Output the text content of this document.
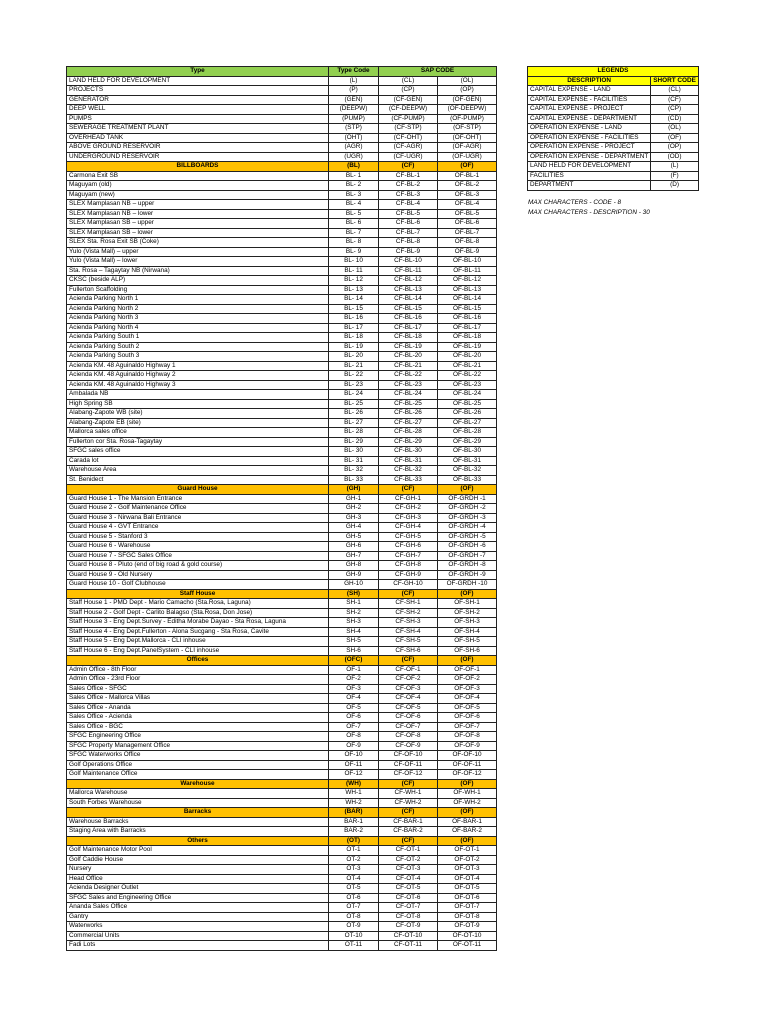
Type	Type Code	SAP CODE	
LAND HELD FOR DEVELOPMENT	(L)	(CL)	(OL)
PROJECTS	(P)	(CP)	(OP)
GENERATOR	(GEN)	(CF-GEN)	(OF-GEN)
DEEP WELL	(DEEPW)	(CF-DEEPW)	(OF-DEEPW)
PUMPS	(PUMP)	(CF-PUMP)	(OF-PUMP)
SEWERAGE TREATMENT PLANT	(STP)	(CF-STP)	(OF-STP)
OVERHEAD TANK	(OHT)	(CF-OHT)	(OF-OHT)
ABOVE GROUND RESERVOIR	(AGR)	(CF-AGR)	(OF-AGR)
UNDERGROUND RESERVOIR	(UGR)	(CF-UGR)	(OF-UGR)
BILLBOARDS	(BL)	(CF)	(OF)
Carmona Exit SB	BL- 1	CF-BL-1	OF-BL-1
Maguyam (old)	BL- 2	CF-BL-2	OF-BL-2
Maguyam (new)	BL- 3	CF-BL-3	OF-BL-3
SLEX Mamplasan NB – upper	BL- 4	CF-BL-4	OF-BL-4
SLEX Mamplasan NB – lower	BL- 5	CF-BL-5	OF-BL-5
SLEX Mamplasan SB – upper	BL- 6	CF-BL-6	OF-BL-6
SLEX Mamplasan SB – lower	BL- 7	CF-BL-7	OF-BL-7
SLEX Sta. Rosa Exit SB (Coke)	BL- 8	CF-BL-8	OF-BL-8
Yulo (Vista Mall) – upper	BL- 9	CF-BL-9	OF-BL-9
Yulo (Vista Mall) – lower	BL- 10	CF-BL-10	OF-BL-10
Sta. Rosa – Tagaytay NB (Nirwana)	BL- 11	CF-BL-11	OF-BL-11
CKSC (beside ALP)	BL- 12	CF-BL-12	OF-BL-12
Fullerton Scaffolding	BL- 13	CF-BL-13	OF-BL-13
Acienda Parking North 1	BL- 14	CF-BL-14	OF-BL-14
Acienda Parking North 2	BL- 15	CF-BL-15	OF-BL-15
Acienda Parking North 3	BL- 16	CF-BL-16	OF-BL-16
Acienda Parking North 4	BL- 17	CF-BL-17	OF-BL-17
Acienda Parking South 1	BL- 18	CF-BL-18	OF-BL-18
Acienda Parking South 2	BL- 19	CF-BL-19	OF-BL-19
Acienda Parking South 3	BL- 20	CF-BL-20	OF-BL-20
Acienda KM. 48 Aguinaldo Highway 1	BL- 21	CF-BL-21	OF-BL-21
Acienda KM. 48 Aguinaldo Highway 2	BL- 22	CF-BL-22	OF-BL-22
Acienda KM. 48 Aguinaldo Highway 3	BL- 23	CF-BL-23	OF-BL-23
Ambalada NB	BL- 24	CF-BL-24	OF-BL-24
High Spring SB	BL- 25	CF-BL-25	OF-BL-25
Alabang-Zapote WB (site)	BL- 26	CF-BL-26	OF-BL-26
Alabang-Zapote EB (site)	BL- 27	CF-BL-27	OF-BL-27
Mallorca sales office	BL- 28	CF-BL-28	OF-BL-28
Fullerton cor Sta. Rosa-Tagaytay	BL- 29	CF-BL-29	OF-BL-29
SFGC sales office	BL- 30	CF-BL-30	OF-BL-30
Carada lot	BL- 31	CF-BL-31	OF-BL-31
Warehouse Area	BL- 32	CF-BL-32	OF-BL-32
St. Benidect	BL- 33	CF-BL-33	OF-BL-33
Guard House	(GH)	(CF)	(OF)
Guard House 1 - The Mansion Entrance	GH-1	CF-GH-1	OF-GRDH -1
Guard House 2 - Golf Maintenance Office	GH-2	CF-GH-2	OF-GRDH -2
Guard House 3 - Nirwana Bali Entrance	GH-3	CF-GH-3	OF-GRDH -3
Guard House 4 - GVT Entrance	GH-4	CF-GH-4	OF-GRDH -4
Guard House 5 - Stanford 3	GH-5	CF-GH-5	OF-GRDH -5
Guard House 6 - Warehouse	GH-6	CF-GH-6	OF-GRDH -6
Guard House 7 - SFGC Sales Office	GH-7	CF-GH-7	OF-GRDH -7
Guard House 8 - Pluto (end of big road & gold course)	GH-8	CF-GH-8	OF-GRDH -8
Guard House 9 - Old Nursery	GH-9	CF-GH-9	OF-GRDH -9
Guard House 10 - Golf Clubhouse	GH-10	CF-GH-10	OF-GRDH -10
Staff House	(SH)	(CF)	(OF)
Staff House 1 - PMD Dept - Mario Camacho (Sta.Rosa, Laguna)	SH-1	CF-SH-1	OF-SH-1
Staff House 2 - Golf Dept - Carlito Balagso (Sta.Rosa, Don Jose)	SH-2	CF-SH-2	OF-SH-2
Staff House 3 - Eng Dept.Survey - Editha Morabe Dayao - Sta Rosa, Laguna	SH-3	CF-SH-3	OF-SH-3
Staff House 4 - Eng Dept.Fullerton - Alona Sucgang - Sta Rosa, Cavite	SH-4	CF-SH-4	OF-SH-4
Staff House 5 - Eng Dept.Mallorca - CLI inhouse	SH-5	CF-SH-5	OF-SH-5
Staff House 6 - Eng Dept.PanelSystem - CLI inhouse	SH-6	CF-SH-6	OF-SH-6
Offices	(OFC)	(CF)	(OF)
Admin Office - 8th Floor	OF-1	CF-OF-1	OF-OF-1
Admin Office - 23rd Floor	OF-2	CF-OF-2	OF-OF-2
Sales Office - SFGC	OF-3	CF-OF-3	OF-OF-3
Sales Office - Mallorca Villas	OF-4	CF-OF-4	OF-OF-4
Sales Office - Ananda	OF-5	CF-OF-5	OF-OF-5
Sales Office - Acienda	OF-6	CF-OF-6	OF-OF-6
Sales Office - BGC	OF-7	CF-OF-7	OF-OF-7
SFGC Engineering Office	OF-8	CF-OF-8	OF-OF-8
SFGC Property Management Office	OF-9	CF-OF-9	OF-OF-9
SFGC Waterworks Office	OF-10	CF-OF-10	OF-OF-10
Golf Operations Office	OF-11	CF-OF-11	OF-OF-11
Golf Maintenance Office	OF-12	CF-OF-12	OF-OF-12
Warehouse	(WH)	(CF)	(OF)
Mallorca Warehouse	WH-1	CF-WH-1	OF-WH-1
South Forbes Warehouse	WH-2	CF-WH-2	OF-WH-2
Barracks	(BAR)	(CF)	(OF)
Warehouse Barracks	BAR-1	CF-BAR-1	OF-BAR-1
Staging Area with Barracks	BAR-2	CF-BAR-2	OF-BAR-2
Others	(OT)	(CF)	(OF)
Golf Maintenance Motor Pool	OT-1	CF-OT-1	OF-OT-1
Golf Caddie House	OT-2	CF-OT-2	OF-OT-2
Nursery	OT-3	CF-OT-3	OF-OT-3
Head Office	OT-4	CF-OT-4	OF-OT-4
Acienda Designer Outlet	OT-5	CF-OT-5	OF-OT-5
SFGC Sales and Engineering Office	OT-6	CF-OT-6	OF-OT-6
Ananda Sales Office	OT-7	CF-OT-7	OF-OT-7
Gantry	OT-8	CF-OT-8	OF-OT-8
Waterworks	OT-9	CF-OT-9	OF-OT-9
Commercial Units	OT-10	CF-OT-10	OF-OT-10
Fadi Lots	OT-11	CF-OT-11	OF-OT-11
LEGENDS	
DESCRIPTION	SHORT CODE
CAPITAL EXPENSE - LAND	(CL)
CAPITAL EXPENSE - FACILITIES	(CF)
CAPITAL EXPENSE - PROJECT	(CP)
CAPITAL EXPENSE - DEPARTMENT	(CD)
OPERATION EXPENSE - LAND	(OL)
OPERATION EXPENSE - FACILITIES	(OF)
OPERATION EXPENSE - PROJECT	(OP)
OPERATION EXPENSE - DEPARTMENT	(OD)
LAND HELD FOR DEVELOPMENT	(L)
FACILITIES	(F)
DEPARTMENT	(D)
MAX CHARACTERS - CODE - 8
MAX CHARACTERS - DESCRIPTION - 30
